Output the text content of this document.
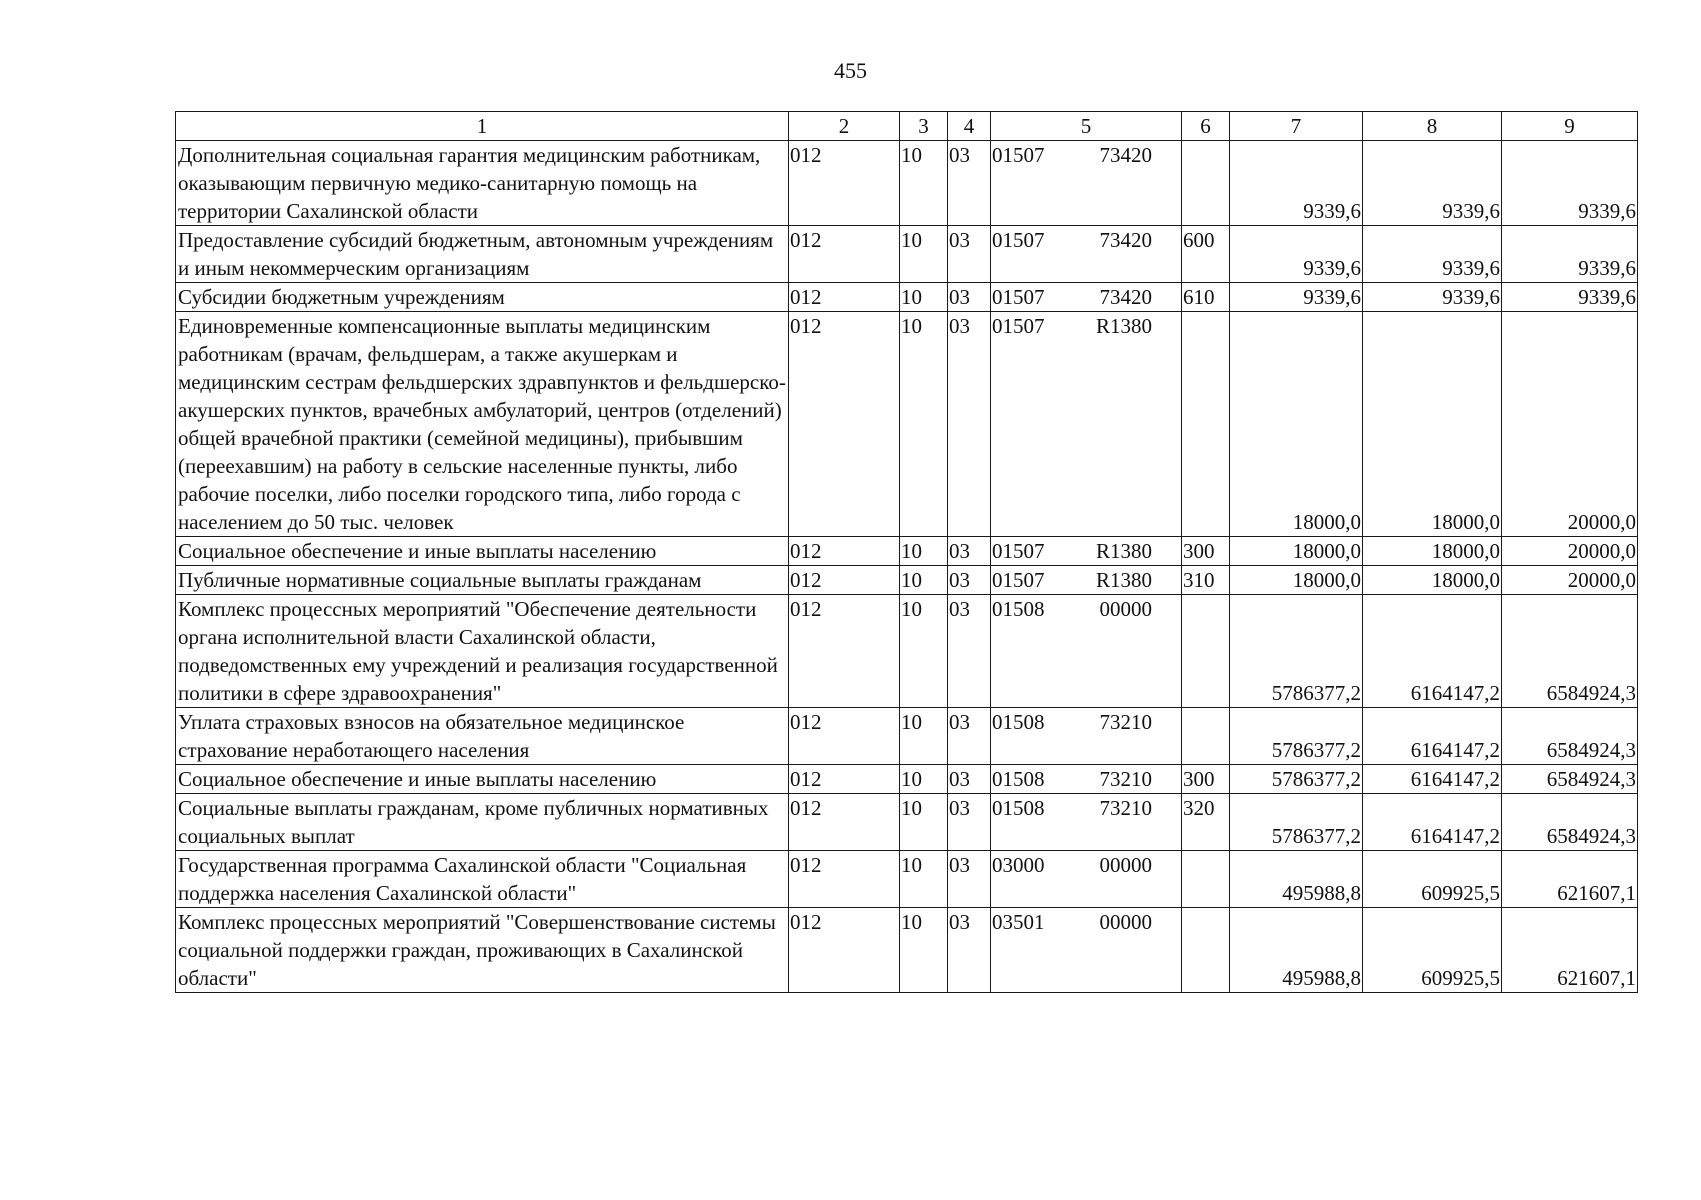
455
1	2	3	4	5	6	7	8	9
Дополнительная социальная гарантия медицинским работникам, оказывающим первичную медико-санитарную помощь на территории Сахалинской области	012	10	03	01507 73420		9339,6	9339,6	9339,6
Предоставление субсидий бюджетным, автономным учреждениям и иным некоммерческим организациям	012	10	03	01507 73420	600	9339,6	9339,6	9339,6
Субсидии бюджетным учреждениям	012	10	03	01507 73420	610	9339,6	9339,6	9339,6
Единовременные компенсационные выплаты медицинским работникам (врачам, фельдшерам, а также акушеркам и медицинским сестрам фельдшерских здравпунктов и фельдшерско-акушерских пунктов, врачебных амбулаторий, центров (отделений) общей врачебной практики (семейной медицины), прибывшим (переехавшим) на работу в сельские населенные пункты, либо рабочие поселки, либо поселки городского типа, либо города с населением до 50 тыс. человек	012	10	03	01507 R1380		18000,0	18000,0	20000,0
Социальное обеспечение и иные выплаты населению	012	10	03	01507 R1380	300	18000,0	18000,0	20000,0
Публичные нормативные социальные выплаты гражданам	012	10	03	01507 R1380	310	18000,0	18000,0	20000,0
Комплекс процессных мероприятий "Обеспечение деятельности органа исполнительной власти Сахалинской области, подведомственных ему учреждений и реализация государственной политики в сфере здравоохранения"	012	10	03	01508 00000		5786377,2	6164147,2	6584924,3
Уплата страховых взносов на обязательное медицинское страхование неработающего населения	012	10	03	01508 73210		5786377,2	6164147,2	6584924,3
Социальное обеспечение и иные выплаты населению	012	10	03	01508 73210	300	5786377,2	6164147,2	6584924,3
Социальные выплаты гражданам, кроме публичных нормативных социальных выплат	012	10	03	01508 73210	320	5786377,2	6164147,2	6584924,3
Государственная программа Сахалинской области "Социальная поддержка населения Сахалинской области"	012	10	03	03000 00000		495988,8	609925,5	621607,1
Комплекс процессных мероприятий "Совершенствование системы социальной поддержки граждан, проживающих в Сахалинской области"	012	10	03	03501 00000		495988,8	609925,5	621607,1
